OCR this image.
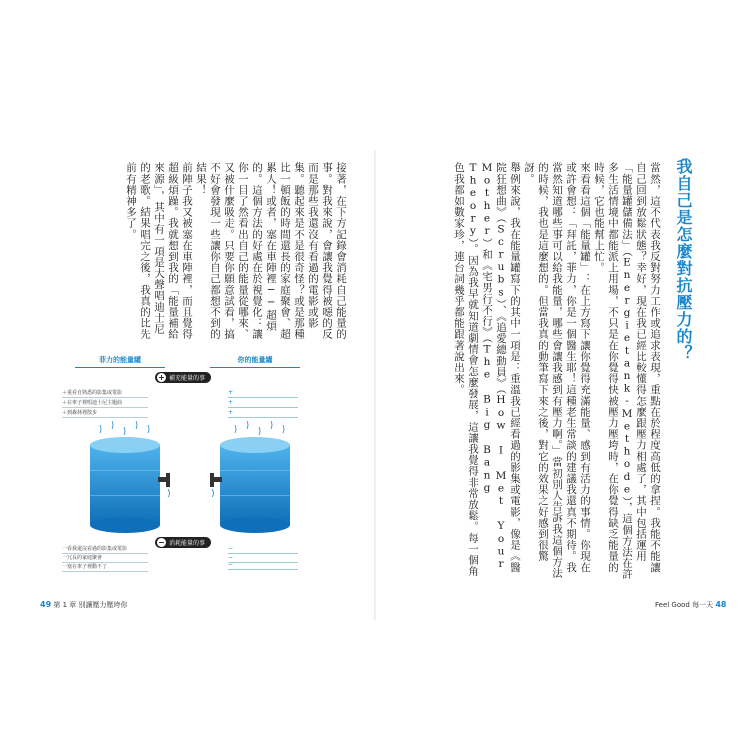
我自己是怎麼對抗壓力的？
當然，這不代表我反對努力工作或追求表現，重點在於程度高低的拿捏。我能不能讓自己回到放鬆狀態？幸好，現在我已經比較懂得怎麼跟壓力相處了，其中包括運用「能量罐儲備法」（Energietank-Methode），這個方法在許多生活情境中都能派上用場，不只是在你覺得快被壓力壓垮時，在你覺得缺乏能量的時候，它也能幫上忙。
來看看這個「能量罐」：在上方寫下讓你覺得充滿能量、感到有活力的事情。你現在或許會想：「拜託，菲力，你是一個醫生耶！這種老生常談的建議我還真不期待。我當然知道哪些事可以給我能量，哪些會讓我感到有壓力啊。」當初別人告訴我這個方法的時候，我也是這麼想的。但當我真的動筆寫下來之後，對它的效果之好感到很驚訝。
舉例來說，我在能量罐寫下的其中一項是：重溫我已經看過的影集或電影，像是《醫院狂想曲》（Scrubs）、《追愛總動員》（How I Met Your Mother）和《宅男行不行》（The Big Bang Theory）。因為我早就知道劇情會怎麼發展，這讓我覺得非常放鬆。每一個角色我都如數家珍，連台詞幾乎都能跟著說出來。
Feel Good 每一天 48
接著，在下方記錄會消耗自己能量的事。對我來說，會讓我覺得被噁的反而是那些我還沒有看過的電影或影集。聽起來是不是很奇怪？或是那種比一頓飯的時間還長的家庭聚會、超累人！或者，塞在車陣裡──超煩的。這個方法的好處在於視覺化：讓你一目了然看出自己的能量從哪來、又被什麼吸走。只要你願意試看，搞不好會發現一些讓你自己都想不到的結果！
前陣子我又被塞在車陣裡，而且覺得超級煩躁。我就想到我的「能量補給來源」，其中有一項是大聲唱迪士尼的老歌。結果唱完之後，我真的比先前有精神多了。
菲力的能量罐	你的能量罐
+ 補充能量的事
＋重看自熟悉的影集或電影
＋在車子裡唱迪士尼主題曲
＋到森林裡散步
+
+
+
− 消耗能量的事
一看我還沒看過的影集或電影
一冗長的家庭聚會
一塞在車子裡動不了
−
−
−
49 第 1 章 別讓壓力壓垮你
